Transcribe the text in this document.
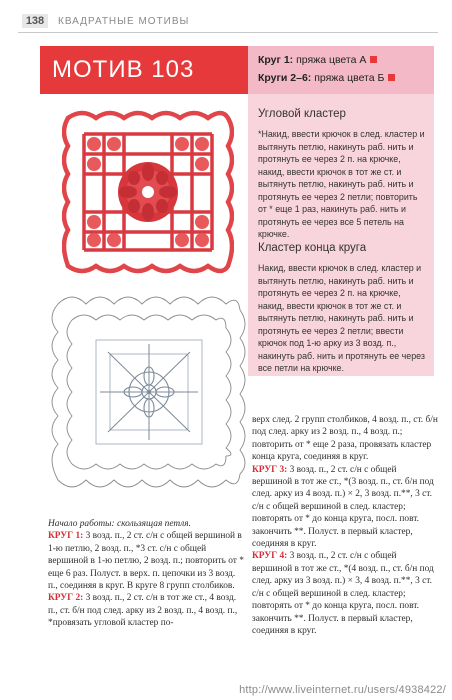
138	КВАДРАТНЫЕ МОТИВЫ
МОТИВ 103	Круг 1: пряжа цвета А
Круги 2–6: пряжа цвета Б
Угловой кластер
*Накид, ввести крючок в след. кластер и вытянуть петлю, накинуть раб. нить и протянуть ее через 2 п. на крючке, накид, ввести крючок в тот же ст. и вытянуть петлю, накинуть раб. нить и протянуть ее через 2 петли; повторить от * еще 1 раз, накинуть раб. нить и протянуть ее через все 5 петель на крючке.
Кластер конца круга
Накид, ввести крючок в след. кластер и вытянуть петлю, накинуть раб. нить и протянуть ее через 2 п. на крючке, накид, ввести крючок в тот же ст. и вытянуть петлю, накинуть раб. нить и протянуть ее через 2 петли; ввести крючок под 1-ю арку из 3 возд. п., накинуть раб. нить и протянуть ее через все петли на крючке.

Начало работы: скользящая петля.

КРУГ 1: 3 возд. п., 2 ст. с/н с общей вершиной в 1-ю петлю, 2 возд. п., *3 ст. с/н с общей вершиной в 1-ю петлю, 2 возд. п.; повторить от * еще 6 раз. Полуст. в верх. п. цепочки из 3 возд. п., соединяя в круг. В круге 8 групп столбиков.

КРУГ 2: 3 возд. п., 2 ст. с/н в тот же ст., 4 возд. п., ст. б/н под след. арку из 2 возд. п., 4 возд. п., *провязать угловой кластер по-

верх след. 2 групп столбиков, 4 возд. п., ст. б/н под след. арку из 2 возд. п., 4 возд. п.; повторить от * еще 2 раза, провязать кластер конца круга, соединяя в круг.

КРУГ 3: 3 возд. п., 2 ст. с/н с общей вершиной в тот же ст., *(3 возд. п., ст. б/н под след. арку из 4 возд. п.) × 2, 3 возд. п.**, 3 ст. с/н с общей вершиной в след. кластер; повторять от * до конца круга, посл. повт. закончить **. Полуст. в первый кластер, соединяя в круг.

КРУГ 4: 3 возд. п., 2 ст. с/н с общей вершиной в тот же ст., *(4 возд. п., ст. б/н под след. арку из 3 возд. п.) × 3, 4 возд. п.**, 3 ст. с/н с общей вершиной в след. кластер; повторять от * до конца круга, посл. повт. закончить **. Полуст. в первый кластер, соединяя в круг.

http://www.liveinternet.ru/users/4938422/
